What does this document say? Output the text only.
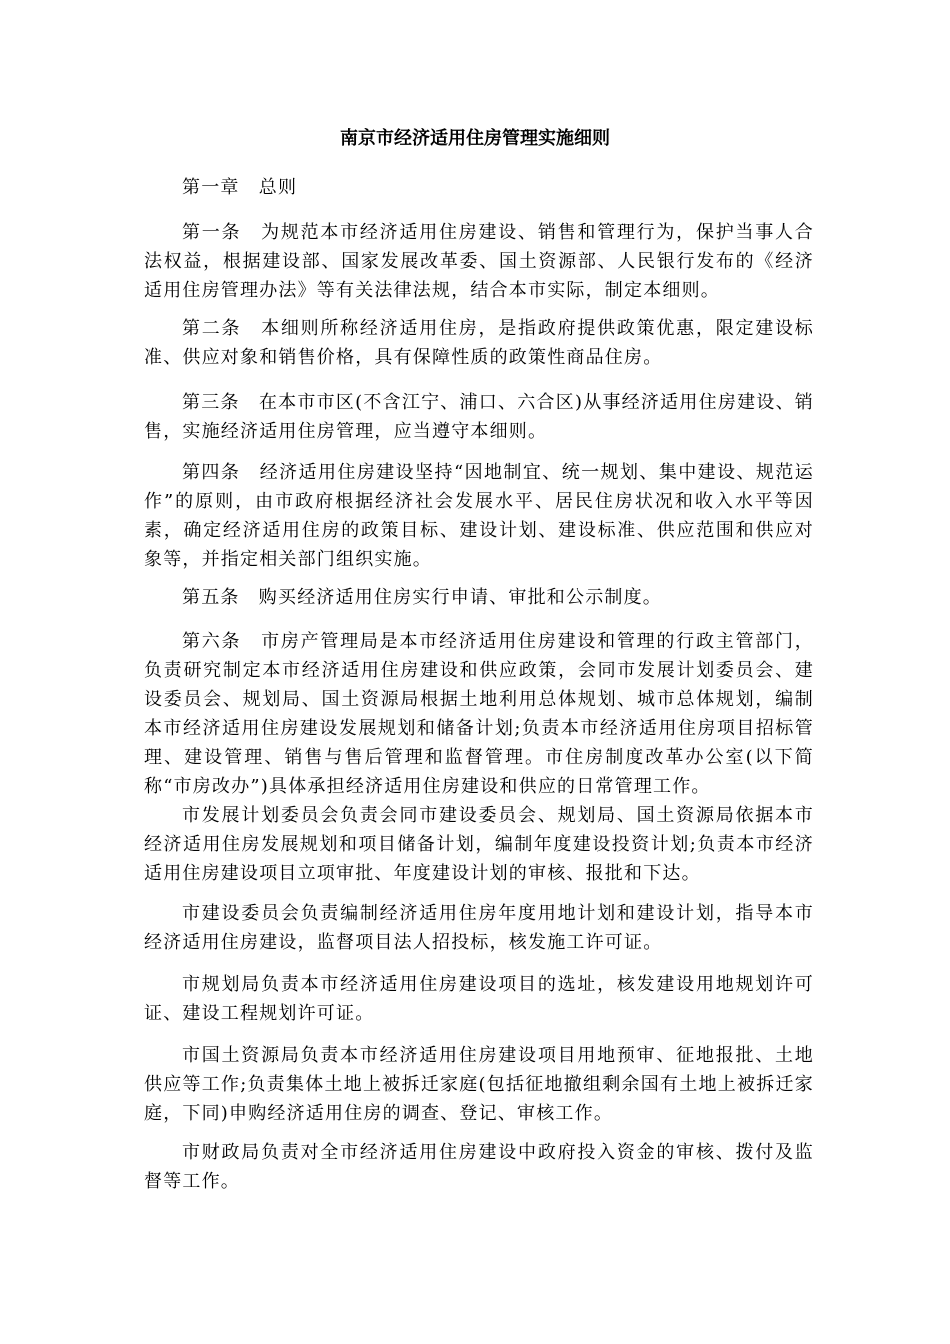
南京市经济适用住房管理实施细则

第一章　总则

第一条　为规范本市经济适用住房建设、销售和管理行为，保护当事人合法权益，根据建设部、国家发展改革委、国土资源部、人民银行发布的《经济适用住房管理办法》等有关法律法规，结合本市实际，制定本细则。

第二条　本细则所称经济适用住房，是指政府提供政策优惠，限定建设标准、供应对象和销售价格，具有保障性质的政策性商品住房。

第三条　在本市市区(不含江宁、浦口、六合区)从事经济适用住房建设、销售，实施经济适用住房管理，应当遵守本细则。

第四条　经济适用住房建设坚持“因地制宜、统一规划、集中建设、规范运作”的原则，由市政府根据经济社会发展水平、居民住房状况和收入水平等因素，确定经济适用住房的政策目标、建设计划、建设标准、供应范围和供应对象等，并指定相关部门组织实施。

第五条　购买经济适用住房实行申请、审批和公示制度。

第六条　市房产管理局是本市经济适用住房建设和管理的行政主管部门，负责研究制定本市经济适用住房建设和供应政策，会同市发展计划委员会、建设委员会、规划局、国土资源局根据土地利用总体规划、城市总体规划，编制本市经济适用住房建设发展规划和储备计划;负责本市经济适用住房项目招标管理、建设管理、销售与售后管理和监督管理。市住房制度改革办公室(以下简称“市房改办”)具体承担经济适用住房建设和供应的日常管理工作。

市发展计划委员会负责会同市建设委员会、规划局、国土资源局依据本市经济适用住房发展规划和项目储备计划，编制年度建设投资计划;负责本市经济适用住房建设项目立项审批、年度建设计划的审核、报批和下达。

市建设委员会负责编制经济适用住房年度用地计划和建设计划，指导本市经济适用住房建设，监督项目法人招投标，核发施工许可证。

市规划局负责本市经济适用住房建设项目的选址，核发建设用地规划许可证、建设工程规划许可证。

市国土资源局负责本市经济适用住房建设项目用地预审、征地报批、土地供应等工作;负责集体土地上被拆迁家庭(包括征地撤组剩余国有土地上被拆迁家庭，下同)申购经济适用住房的调查、登记、审核工作。

市财政局负责对全市经济适用住房建设中政府投入资金的审核、拨付及监督等工作。
